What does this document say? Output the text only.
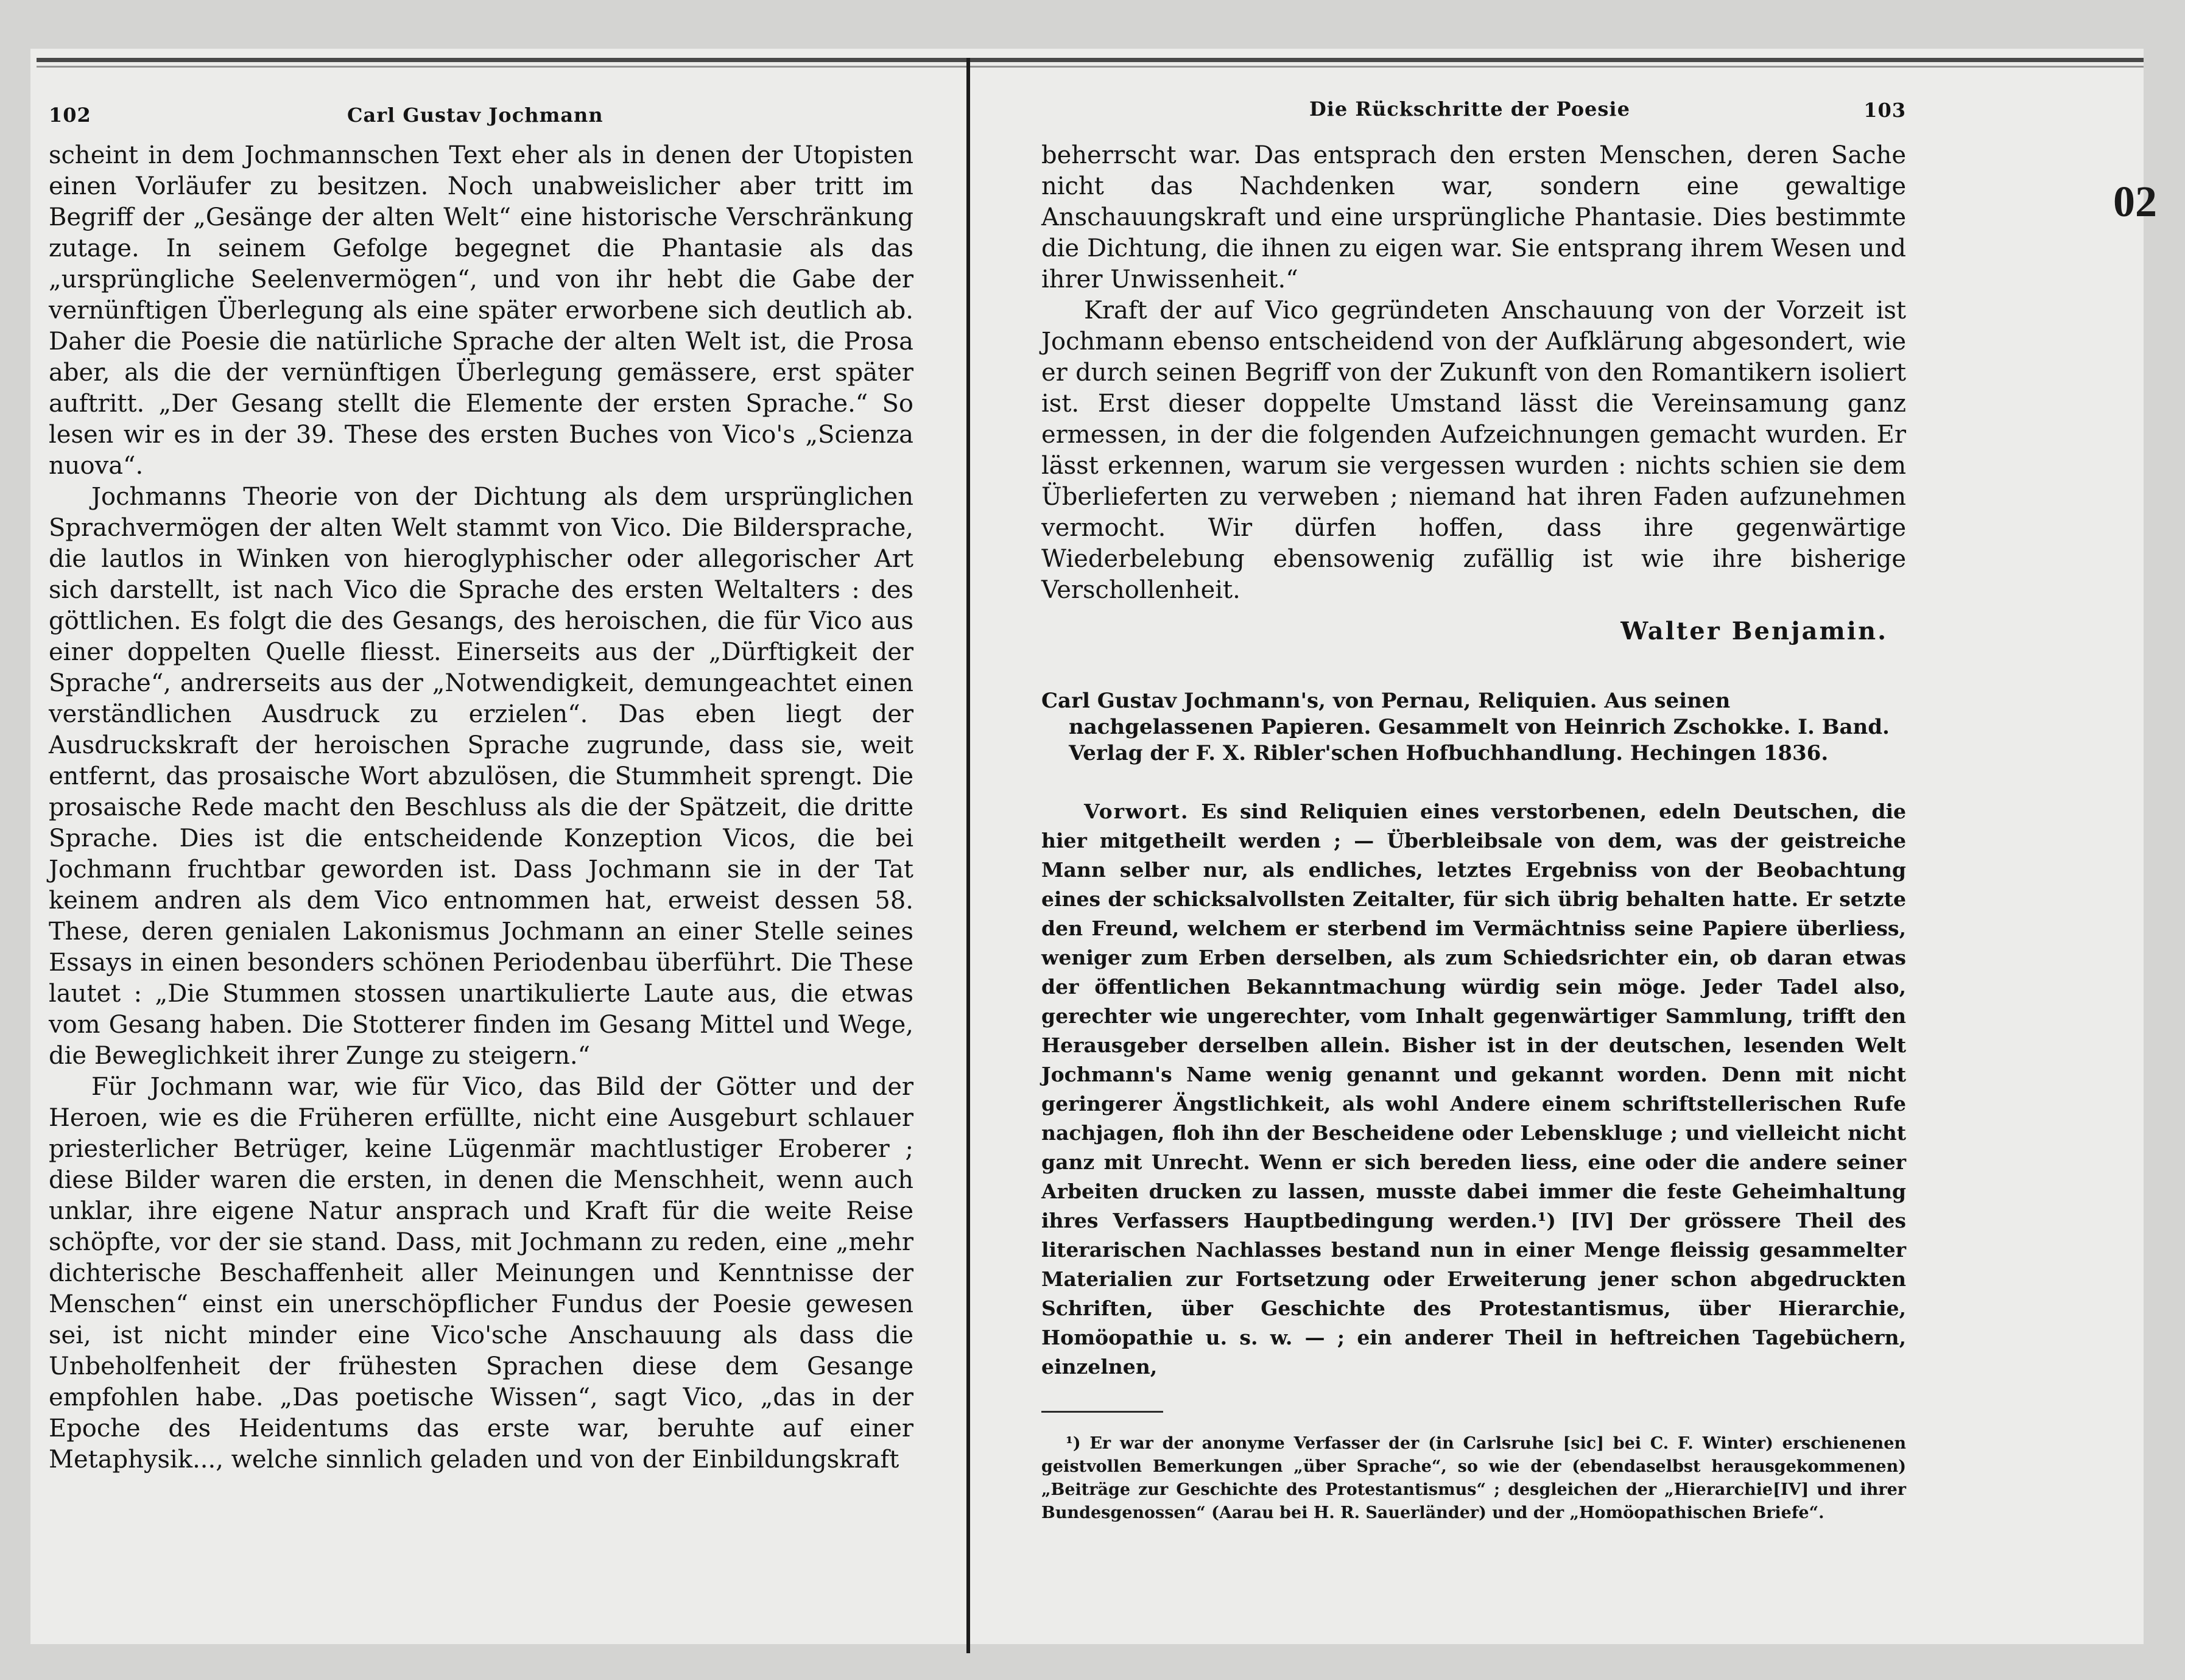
102	Carl Gustav Jochmann

scheint in dem Jochmannschen Text eher als in denen der Utopisten einen Vorläufer zu besitzen. Noch unabweislicher aber tritt im Begriff der „Gesänge der alten Welt“ eine historische Verschränkung zutage. In seinem Gefolge begegnet die Phantasie als das „ursprüngliche Seelenvermögen“, und von ihr hebt die Gabe der vernünftigen Überlegung als eine später erworbene sich deutlich ab. Daher die Poesie die natürliche Sprache der alten Welt ist, die Prosa aber, als die der vernünftigen Überlegung gemässere, erst später auftritt. „Der Gesang stellt die Elemente der ersten Sprache.“ So lesen wir es in der 39. These des ersten Buches von Vico's „Scienza nuova“.

Jochmanns Theorie von der Dichtung als dem ursprünglichen Sprachvermögen der alten Welt stammt von Vico. Die Bildersprache, die lautlos in Winken von hieroglyphischer oder allegorischer Art sich darstellt, ist nach Vico die Sprache des ersten Weltalters : des göttlichen. Es folgt die des Gesangs, des heroischen, die für Vico aus einer doppelten Quelle fliesst. Einerseits aus der „Dürftigkeit der Sprache“, andrerseits aus der „Notwendigkeit, demungeachtet einen verständlichen Ausdruck zu erzielen“. Das eben liegt der Ausdruckskraft der heroischen Sprache zugrunde, dass sie, weit entfernt, das prosaische Wort abzulösen, die Stummheit sprengt. Die prosaische Rede macht den Beschluss als die der Spätzeit, die dritte Sprache. Dies ist die entscheidende Konzeption Vicos, die bei Jochmann fruchtbar geworden ist. Dass Jochmann sie in der Tat keinem andren als dem Vico entnommen hat, erweist dessen 58. These, deren genialen Lakonismus Jochmann an einer Stelle seines Essays in einen besonders schönen Periodenbau überführt. Die These lautet : „Die Stummen stossen unartikulierte Laute aus, die etwas vom Gesang haben. Die Stotterer finden im Gesang Mittel und Wege, die Beweglichkeit ihrer Zunge zu steigern.“

Für Jochmann war, wie für Vico, das Bild der Götter und der Heroen, wie es die Früheren erfüllte, nicht eine Ausgeburt schlauer priesterlicher Betrüger, keine Lügenmär machtlustiger Eroberer ; diese Bilder waren die ersten, in denen die Menschheit, wenn auch unklar, ihre eigene Natur ansprach und Kraft für die weite Reise schöpfte, vor der sie stand. Dass, mit Jochmann zu reden, eine „mehr dichterische Beschaffenheit aller Meinungen und Kenntnisse der Menschen“ einst ein unerschöpflicher Fundus der Poesie gewesen sei, ist nicht minder eine Vico'sche Anschauung als dass die Unbeholfenheit der frühesten Sprachen diese dem Gesange empfohlen habe. „Das poetische Wissen“, sagt Vico, „das in der Epoche des Heidentums das erste war, beruhte auf einer Metaphysik..., welche sinnlich geladen und von der Einbildungskraft

Die Rückschritte der Poesie	103

beherrscht war. Das entsprach den ersten Menschen, deren Sache nicht das Nachdenken war, sondern eine gewaltige Anschauungskraft und eine ursprüngliche Phantasie. Dies bestimmte die Dichtung, die ihnen zu eigen war. Sie entsprang ihrem Wesen und ihrer Unwissenheit.“

Kraft der auf Vico gegründeten Anschauung von der Vorzeit ist Jochmann ebenso entscheidend von der Aufklärung abgesondert, wie er durch seinen Begriff von der Zukunft von den Romantikern isoliert ist. Erst dieser doppelte Umstand lässt die Vereinsamung ganz ermessen, in der die folgenden Aufzeichnungen gemacht wurden. Er lässt erkennen, warum sie vergessen wurden : nichts schien sie dem Überlieferten zu verweben ; niemand hat ihren Faden aufzunehmen vermocht. Wir dürfen hoffen, dass ihre gegenwärtige Wiederbelebung ebensowenig zufällig ist wie ihre bisherige Verschollenheit.

Walter Benjamin.
Carl Gustav Jochmann's, von Pernau, Reliquien. Aus seinen nachgelassenen Papieren. Gesammelt von Heinrich Zschokke. I. Band. Verlag der F. X. Ribler'schen Hofbuchhandlung. Hechingen 1836.

Vorwort. Es sind Reliquien eines verstorbenen, edeln Deutschen, die hier mitgetheilt werden ; — Überbleibsale von dem, was der geistreiche Mann selber nur, als endliches, letztes Ergebniss von der Beobachtung eines der schicksalvollsten Zeitalter, für sich übrig behalten hatte. Er setzte den Freund, welchem er sterbend im Vermächtniss seine Papiere überliess, weniger zum Erben derselben, als zum Schiedsrichter ein, ob daran etwas der öffentlichen Bekanntmachung würdig sein möge. Jeder Tadel also, gerechter wie ungerechter, vom Inhalt gegenwärtiger Sammlung, trifft den Herausgeber derselben allein. Bisher ist in der deutschen, lesenden Welt Jochmann's Name wenig genannt und gekannt worden. Denn mit nicht geringerer Ängstlichkeit, als wohl Andere einem schriftstellerischen Rufe nachjagen, floh ihn der Bescheidene oder Lebenskluge ; und vielleicht nicht ganz mit Unrecht. Wenn er sich bereden liess, eine oder die andere seiner Arbeiten drucken zu lassen, musste dabei immer die feste Geheimhaltung ihres Verfassers Hauptbedingung werden.¹) [IV] Der grössere Theil des literarischen Nachlasses bestand nun in einer Menge fleissig gesammelter Materialien zur Fortsetzung oder Erweiterung jener schon abgedruckten Schriften, über Geschichte des Protestantismus, über Hierarchie, Homöopathie u. s. w. — ; ein anderer Theil in heftreichen Tagebüchern, einzelnen,

¹) Er war der anonyme Verfasser der (in Carlsruhe [sic] bei C. F. Winter) erschienenen geistvollen Bemerkungen „über Sprache“, so wie der (ebendaselbst herausgekommenen) „Beiträge zur Geschichte des Protestantismus“ ; desgleichen der „Hierarchie[IV] und ihrer Bundesgenossen“ (Aarau bei H. R. Sauerländer) und der „Homöopathischen Briefe“.
02
